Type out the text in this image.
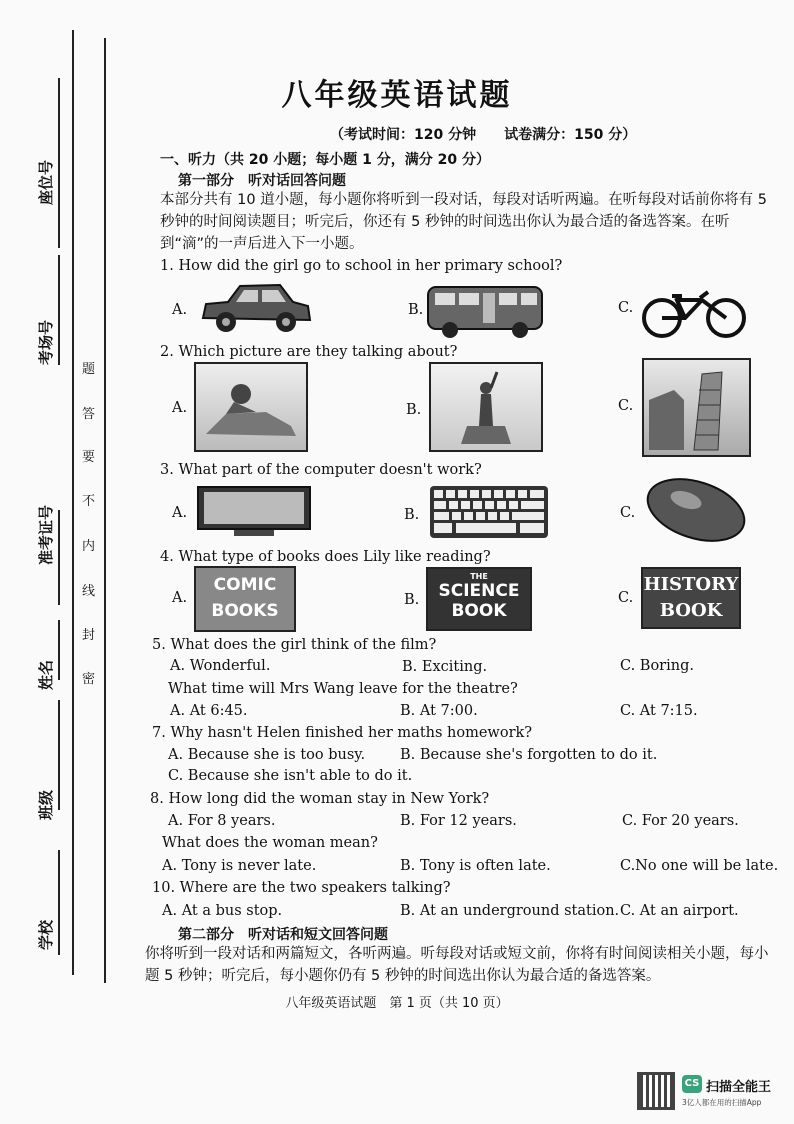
座位号
考场号
准考证号
姓名
班级
学校
题
答
要
不
内
线
封
密
八年级英语试题
（考试时间：120 分钟　　试卷满分：150 分）
一、听力（共 20 小题；每小题 1 分，满分 20 分）
第一部分　听对话回答问题
本部分共有 10 道小题，每小题你将听到一段对话，每段对话听两遍。在听每段对话前你将有 5 秒钟的时间阅读题目；听完后，你还有 5 秒钟的时间选出你认为最合适的备选答案。在听到“滴”的一声后进入下一小题。
1. How did the girl go to school in her primary school?
A.	B.	C.
2. Which picture are they talking about?
A.	B.	C.
3. What part of the computer doesn't work?
A.	B.	C.
4. What type of books does Lily like reading?
A.	B.	C.
COMIC
BOOKS
THE
SCIENCE
BOOK
HISTORY
BOOK
5. What does the girl think of the film?
A. Wonderful.	B. Exciting.	C. Boring.
What time will Mrs Wang leave for the theatre?
A. At 6:45.	B. At 7:00.	C. At 7:15.
7. Why hasn't Helen finished her maths homework?
A. Because she is too busy. B. Because she's forgotten to do it.
C. Because she isn't able to do it.
8. How long did the woman stay in New York?
A. For 8 years.	B. For 12 years.	C. For 20 years.
What does the woman mean?
A. Tony is never late.	B. Tony is often late.	C.No one will be late.
10. Where are the two speakers talking?
A. At a bus stop.	B. At an underground station. C. At an airport.
第二部分　听对话和短文回答问题
你将听到一段对话和两篇短文，各听两遍。听每段对话或短文前，你将有时间阅读相关小题，每小题 5 秒钟；听完后，每小题你仍有 5 秒钟的时间选出你认为最合适的备选答案。
八年级英语试题　第 1 页（共 10 页）
CS 扫描全能王
3亿人都在用的扫描App
